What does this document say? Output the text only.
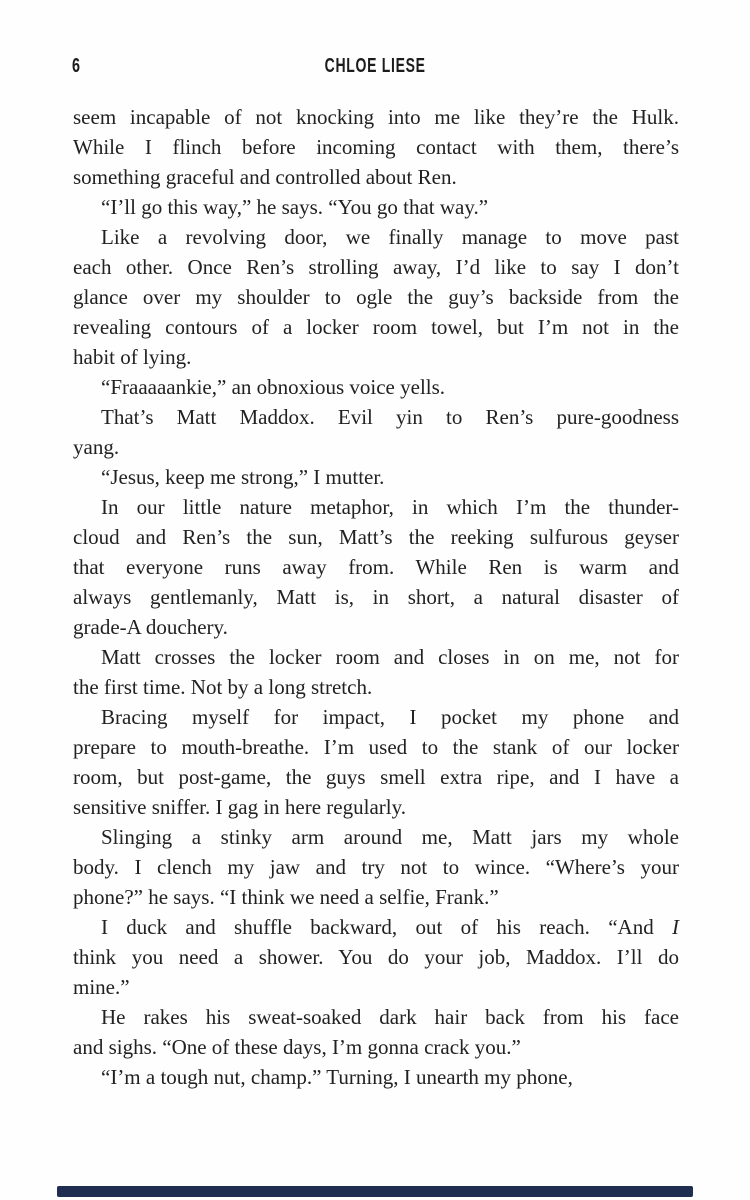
6	CHLOE LIESE
seem incapable of not knocking into me like they’re the Hulk.
While I flinch before incoming contact with them, there’s
something graceful and controlled about Ren.
“I’ll go this way,” he says. “You go that way.”
Like a revolving door, we finally manage to move past
each other. Once Ren’s strolling away, I’d like to say I don’t
glance over my shoulder to ogle the guy’s backside from the
revealing contours of a locker room towel, but I’m not in the
habit of lying.
“Fraaaaankie,” an obnoxious voice yells.
That’s Matt Maddox. Evil yin to Ren’s pure-goodness
yang.
“Jesus, keep me strong,” I mutter.
In our little nature metaphor, in which I’m the thunder-
cloud and Ren’s the sun, Matt’s the reeking sulfurous geyser
that everyone runs away from. While Ren is warm and
always gentlemanly, Matt is, in short, a natural disaster of
grade-A douchery.
Matt crosses the locker room and closes in on me, not for
the first time. Not by a long stretch.
Bracing myself for impact, I pocket my phone and
prepare to mouth-breathe. I’m used to the stank of our locker
room, but post-game, the guys smell extra ripe, and I have a
sensitive sniffer. I gag in here regularly.
Slinging a stinky arm around me, Matt jars my whole
body. I clench my jaw and try not to wince. “Where’s your
phone?” he says. “I think we need a selfie, Frank.”
I duck and shuffle backward, out of his reach. “And I
think you need a shower. You do your job, Maddox. I’ll do
mine.”
He rakes his sweat-soaked dark hair back from his face
and sighs. “One of these days, I’m gonna crack you.”
“I’m a tough nut, champ.” Turning, I unearth my phone,
